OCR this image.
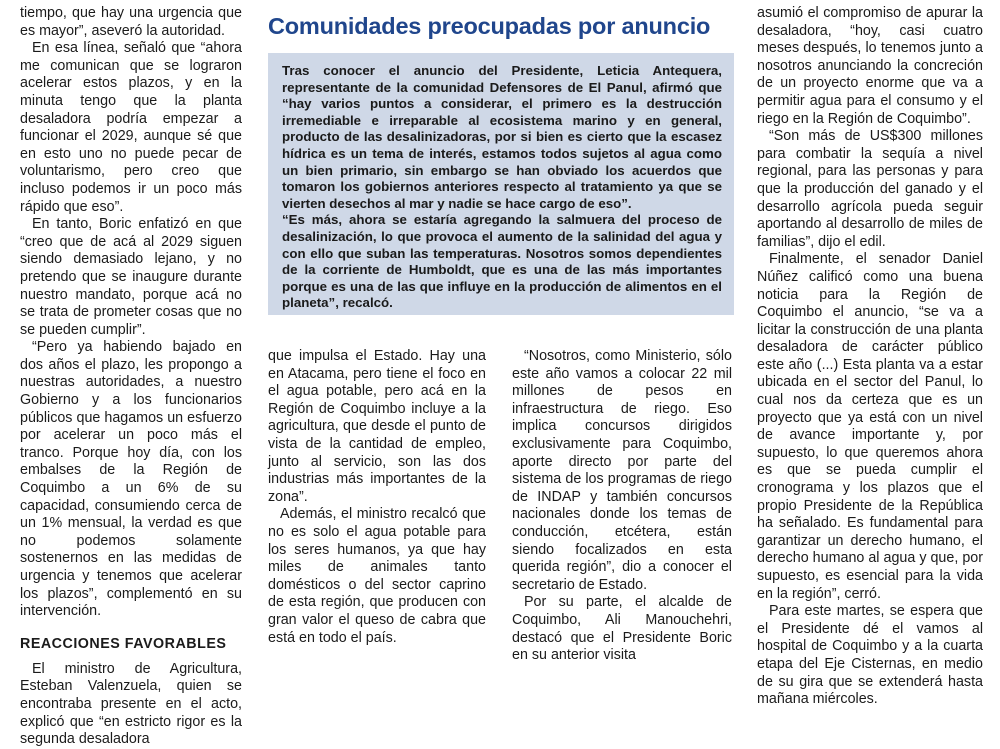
tiempo, que hay una urgencia que es mayor”, aseveró la autoridad.

En esa línea, señaló que “ahora me comunican que se lograron acelerar estos plazos, y en la minuta tengo que la planta desaladora podría empezar a funcionar el 2029, aunque sé que en esto uno no puede pecar de voluntarismo, pero creo que incluso podemos ir un poco más rápido que eso”.

En tanto, Boric enfatizó en que “creo que de acá al 2029 siguen siendo demasiado lejano, y no pretendo que se inaugure durante nuestro mandato, porque acá no se trata de prometer cosas que no se pueden cumplir”.

“Pero ya habiendo bajado en dos años el plazo, les propongo a nuestras autoridades, a nuestro Gobierno y a los funcionarios públicos que hagamos un esfuerzo por acelerar un poco más el tranco. Porque hoy día, con los embalses de la Región de Coquimbo a un 6% de su capacidad, consumiendo cerca de un 1% mensual, la verdad es que no podemos solamente sostenernos en las medidas de urgencia y tenemos que acelerar los plazos”, complementó en su intervención.

REACCIONES FAVORABLES

El ministro de Agricultura, Esteban Valenzuela, quien se encontraba presente en el acto, explicó que “en estricto rigor es la segunda desaladora

Comunidades preocupadas por anuncio

Tras conocer el anuncio del Presidente, Leticia Antequera, representante de la comunidad Defensores de El Panul, afirmó que “hay varios puntos a considerar, el primero es la destrucción irremediable e irreparable al ecosistema marino y en general, producto de las desalinizadoras, por si bien es cierto que la escasez hídrica es un tema de interés, estamos todos sujetos al agua como un bien primario, sin embargo se han obviado los acuerdos que tomaron los gobiernos anteriores respecto al tratamiento ya que se vierten desechos al mar y nadie se hace cargo de eso”.

“Es más, ahora se estaría agregando la salmuera del proceso de desalinización, lo que provoca el aumento de la salinidad del agua y con ello que suban las temperaturas. Nosotros somos dependientes de la corriente de Humboldt, que es una de las más importantes porque es una de las que influye en la producción de alimentos en el planeta”, recalcó.

que impulsa el Estado. Hay una en Atacama, pero tiene el foco en el agua potable, pero acá en la Región de Coquimbo incluye a la agricultura, que desde el punto de vista de la cantidad de empleo, junto al servicio, son las dos industrias más importantes de la zona”.

Además, el ministro recalcó que no es solo el agua potable para los seres humanos, ya que hay miles de animales tanto domésticos o del sector caprino de esta región, que producen con gran valor el queso de cabra que está en todo el país.

“Nosotros, como Ministerio, sólo este año vamos a colocar 22 mil millones de pesos en infraestructura de riego. Eso implica concursos dirigidos exclusivamente para Coquimbo, aporte directo por parte del sistema de los programas de riego de INDAP y también concursos nacionales donde los temas de conducción, etcétera, están siendo focalizados en esta querida región”, dio a conocer el secretario de Estado.

Por su parte, el alcalde de Coquimbo, Ali Manouchehri, destacó que el Presidente Boric en su anterior visita

asumió el compromiso de apurar la desaladora, “hoy, casi cuatro meses después, lo tenemos junto a nosotros anunciando la concreción de un proyecto enorme que va a permitir agua para el consumo y el riego en la Región de Coquimbo”.

“Son más de US$300 millones para combatir la sequía a nivel regional, para las personas y para que la producción del ganado y el desarrollo agrícola pueda seguir aportando al desarrollo de miles de familias”, dijo el edil.

Finalmente, el senador Daniel Núñez calificó como una buena noticia para la Región de Coquimbo el anuncio, “se va a licitar la construcción de una planta desaladora de carácter público este año (...) Esta planta va a estar ubicada en el sector del Panul, lo cual nos da certeza que es un proyecto que ya está con un nivel de avance importante y, por supuesto, lo que queremos ahora es que se pueda cumplir el cronograma y los plazos que el propio Presidente de la República ha señalado. Es fundamental para garantizar un derecho humano, el derecho humano al agua y que, por supuesto, es esencial para la vida en la región”, cerró.

Para este martes, se espera que el Presidente dé el vamos al hospital de Coquimbo y a la cuarta etapa del Eje Cisternas, en medio de su gira que se extenderá hasta mañana miércoles.
